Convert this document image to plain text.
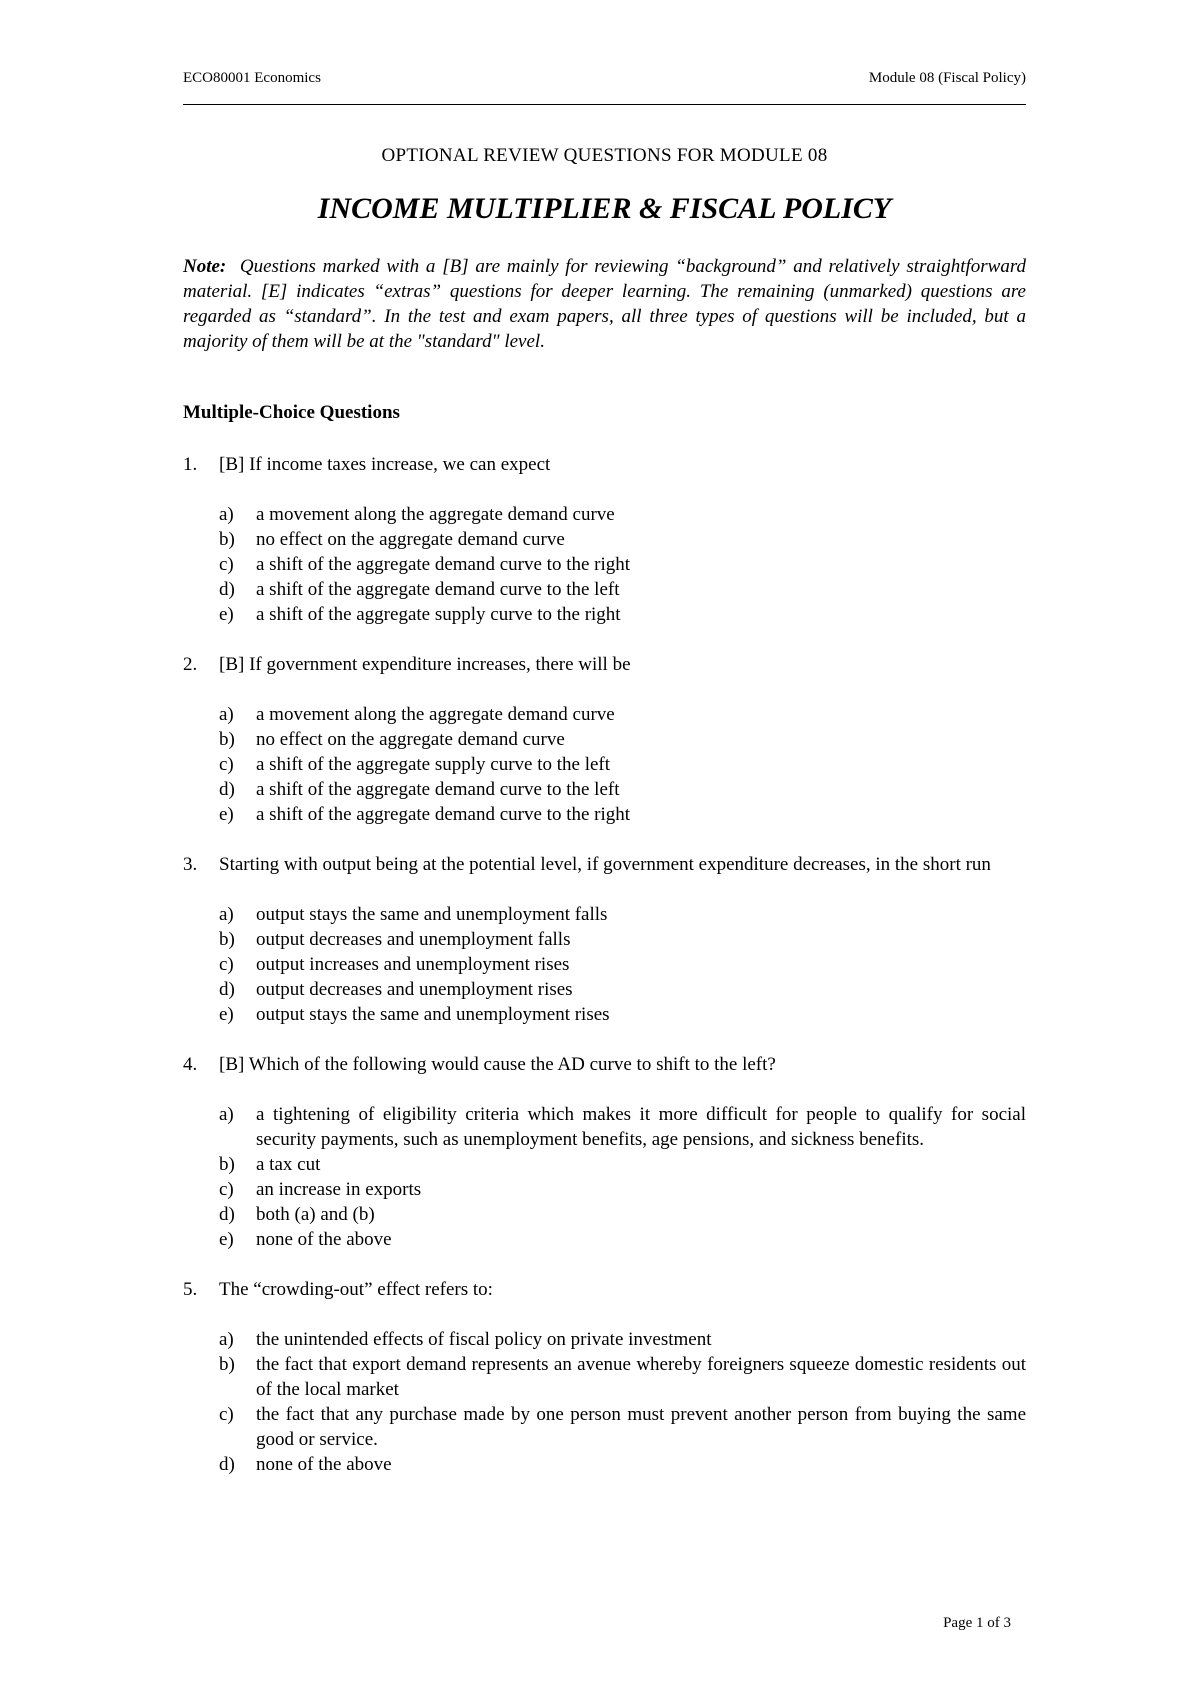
ECO80001 Economics	Module 08 (Fiscal Policy)
OPTIONAL REVIEW QUESTIONS FOR MODULE 08
INCOME MULTIPLIER & FISCAL POLICY
Note: Questions marked with a [B] are mainly for reviewing “background” and relatively straightforward material. [E] indicates “extras” questions for deeper learning. The remaining (unmarked) questions are regarded as “standard”. In the test and exam papers, all three types of questions will be included, but a majority of them will be at the "standard" level.
Multiple-Choice Questions
1. [B] If income taxes increase, we can expect
a) a movement along the aggregate demand curve
b) no effect on the aggregate demand curve
c) a shift of the aggregate demand curve to the right
d) a shift of the aggregate demand curve to the left
e) a shift of the aggregate supply curve to the right
2. [B] If government expenditure increases, there will be
a) a movement along the aggregate demand curve
b) no effect on the aggregate demand curve
c) a shift of the aggregate supply curve to the left
d) a shift of the aggregate demand curve to the left
e) a shift of the aggregate demand curve to the right
3. Starting with output being at the potential level, if government expenditure decreases, in the short run
a) output stays the same and unemployment falls
b) output decreases and unemployment falls
c) output increases and unemployment rises
d) output decreases and unemployment rises
e) output stays the same and unemployment rises
4. [B] Which of the following would cause the AD curve to shift to the left?
a) a tightening of eligibility criteria which makes it more difficult for people to qualify for social security payments, such as unemployment benefits, age pensions, and sickness benefits.
b) a tax cut
c) an increase in exports
d) both (a) and (b)
e) none of the above
5. The “crowding-out” effect refers to:
a) the unintended effects of fiscal policy on private investment
b) the fact that export demand represents an avenue whereby foreigners squeeze domestic residents out of the local market
c) the fact that any purchase made by one person must prevent another person from buying the same good or service.
d) none of the above
Page 1 of 3
